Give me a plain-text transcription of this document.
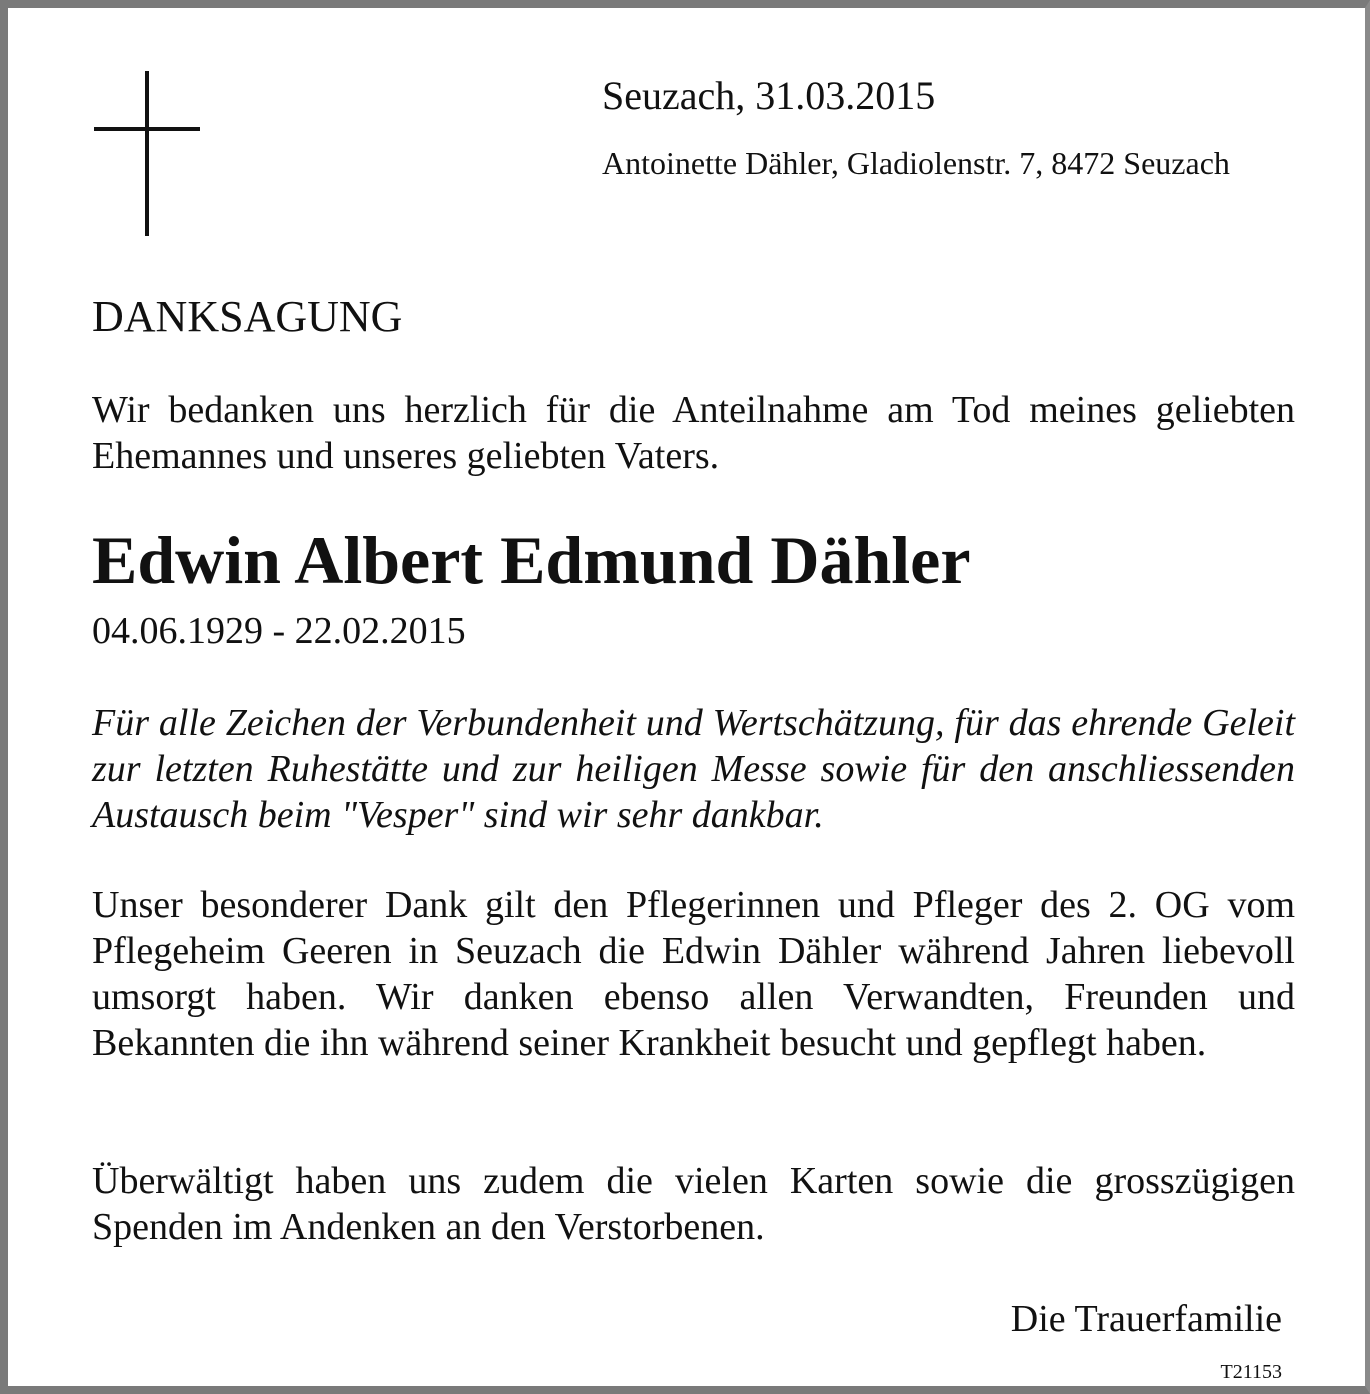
Seuzach, 31.03.2015
Antoinette Dähler, Gladiolenstr. 7, 8472 Seuzach
DANKSAGUNG

Wir bedanken uns herzlich für die Anteilnahme am Tod meines geliebten Ehemannes und unseres geliebten Vaters.

Edwin Albert Edmund Dähler
04.06.1929 - 22.02.2015

Für alle Zeichen der Verbundenheit und Wertschätzung, für das ehrende Geleit zur letzten Ruhestätte und zur heiligen Messe sowie für den anschliessenden Austausch beim "Vesper" sind wir sehr dankbar.

Unser besonderer Dank gilt den Pflegerinnen und Pfleger des 2. OG vom Pflegeheim Geeren in Seuzach die Edwin Dähler während Jahren liebevoll umsorgt haben. Wir danken ebenso allen Verwandten, Freunden und Bekannten die ihn während seiner Krankheit besucht und gepflegt haben.

Überwältigt haben uns zudem die vielen Karten sowie die grosszügigen Spenden im Andenken an den Verstorbenen.

Die Trauerfamilie
T21153
